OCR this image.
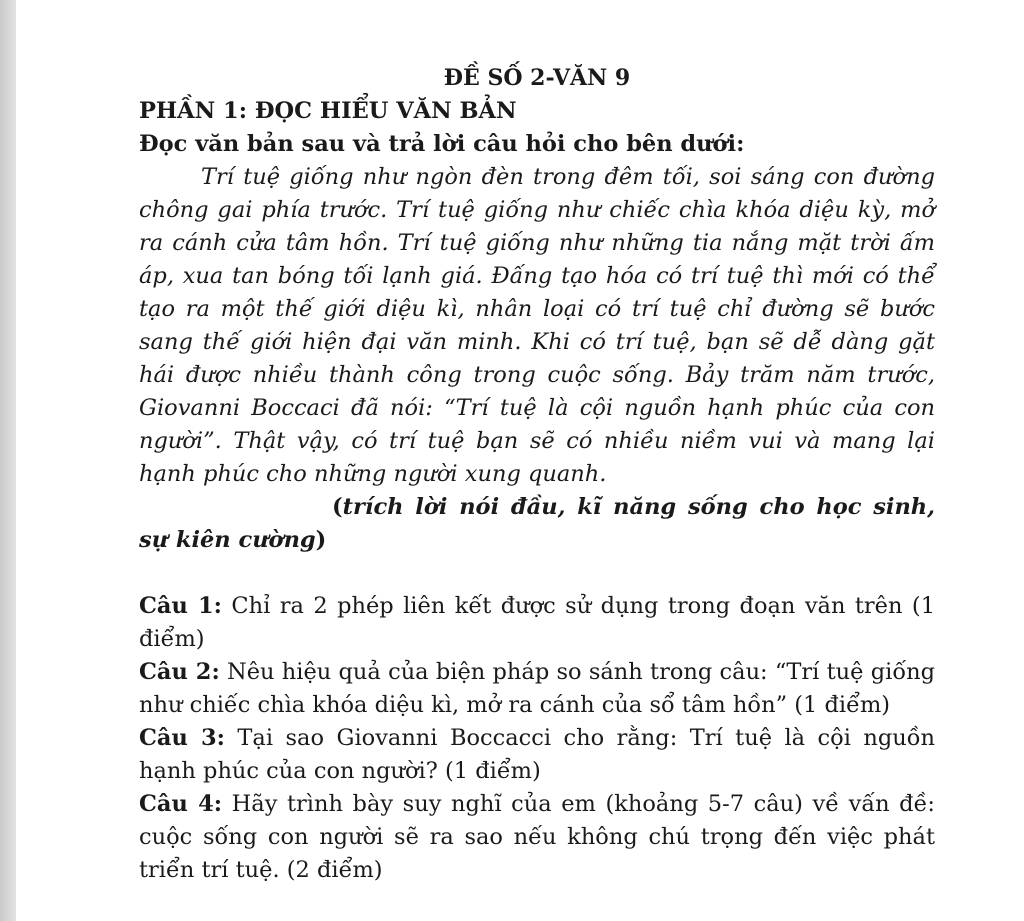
ĐỀ SỐ 2-VĂN 9

PHẦN 1: ĐỌC HIỂU VĂN BẢN

Đọc văn bản sau và trả lời câu hỏi cho bên dưới:

Trí tuệ giống như ngòn đèn trong đêm tối, soi sáng con đường chông gai phía trước. Trí tuệ giống như chiếc chìa khóa diệu kỳ, mở ra cánh cửa tâm hồn. Trí tuệ giống như những tia nắng mặt trời ấm áp, xua tan bóng tối lạnh giá. Đấng tạo hóa có trí tuệ thì mới có thể tạo ra một thế giới diệu kì, nhân loại có trí tuệ chỉ đường sẽ bước sang thế giới hiện đại văn minh. Khi có trí tuệ, bạn sẽ dễ dàng gặt hái được nhiều thành công trong cuộc sống. Bảy trăm năm trước, Giovanni Boccaci đã nói: “Trí tuệ là cội nguồn hạnh phúc của con người”. Thật vậy, có trí tuệ bạn sẽ có nhiều niềm vui và mang lại hạnh phúc cho những người xung quanh.

(trích lời nói đầu, kĩ năng sống cho học sinh, sự kiên cường)

Câu 1: Chỉ ra 2 phép liên kết được sử dụng trong đoạn văn trên (1 điểm)

Câu 2: Nêu hiệu quả của biện pháp so sánh trong câu: “Trí tuệ giống như chiếc chìa khóa diệu kì, mở ra cánh của sổ tâm hồn” (1 điểm)

Câu 3: Tại sao Giovanni Boccacci cho rằng: Trí tuệ là cội nguồn hạnh phúc của con người? (1 điểm)

Câu 4: Hãy trình bày suy nghĩ của em (khoảng 5-7 câu) về vấn đề: cuộc sống con người sẽ ra sao nếu không chú trọng đến việc phát triển trí tuệ. (2 điểm)
